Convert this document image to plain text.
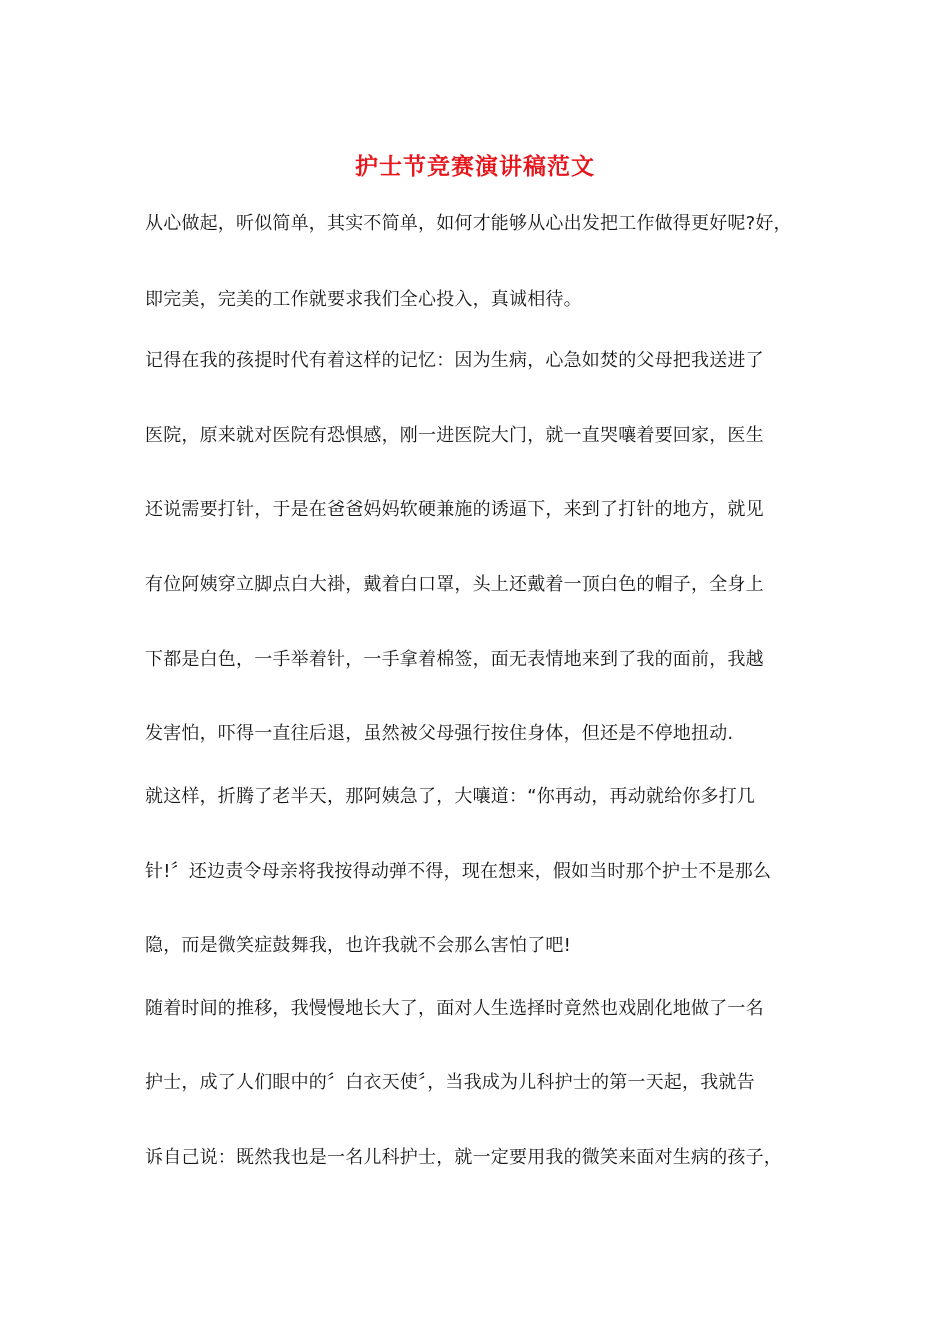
护士节竞赛演讲稿范文
从心做起，听似简单，其实不简单，如何才能够从心出发把工作做得更好呢?好，
即完美，完美的工作就要求我们全心投入，真诚相待。
记得在我的孩提时代有着这样的记忆：因为生病，心急如焚的父母把我送进了
医院，原来就对医院有恐惧感，刚一进医院大门，就一直哭嚷着要回家，医生
还说需要打针，于是在爸爸妈妈软硬兼施的诱逼下，来到了打针的地方，就见
有位阿姨穿立脚点白大褂，戴着白口罩，头上还戴着一顶白色的帽子，全身上
下都是白色，一手举着针，一手拿着棉签，面无表情地来到了我的面前，我越
发害怕，吓得一直往后退，虽然被父母强行按住身体，但还是不停地扭动.
就这样，折腾了老半天，那阿姨急了，大嚷道：“你再动，再动就给你多打几
针!〞还边责令母亲将我按得动弹不得，现在想来，假如当时那个护士不是那么
隐，而是微笑症鼓舞我，也许我就不会那么害怕了吧!
随着时间的推移，我慢慢地长大了，面对人生选择时竟然也戏剧化地做了一名
护士，成了人们眼中的〞白衣天使〞，当我成为儿科护士的第一天起，我就告
诉自己说：既然我也是一名儿科护士，就一定要用我的微笑来面对生病的孩子，
